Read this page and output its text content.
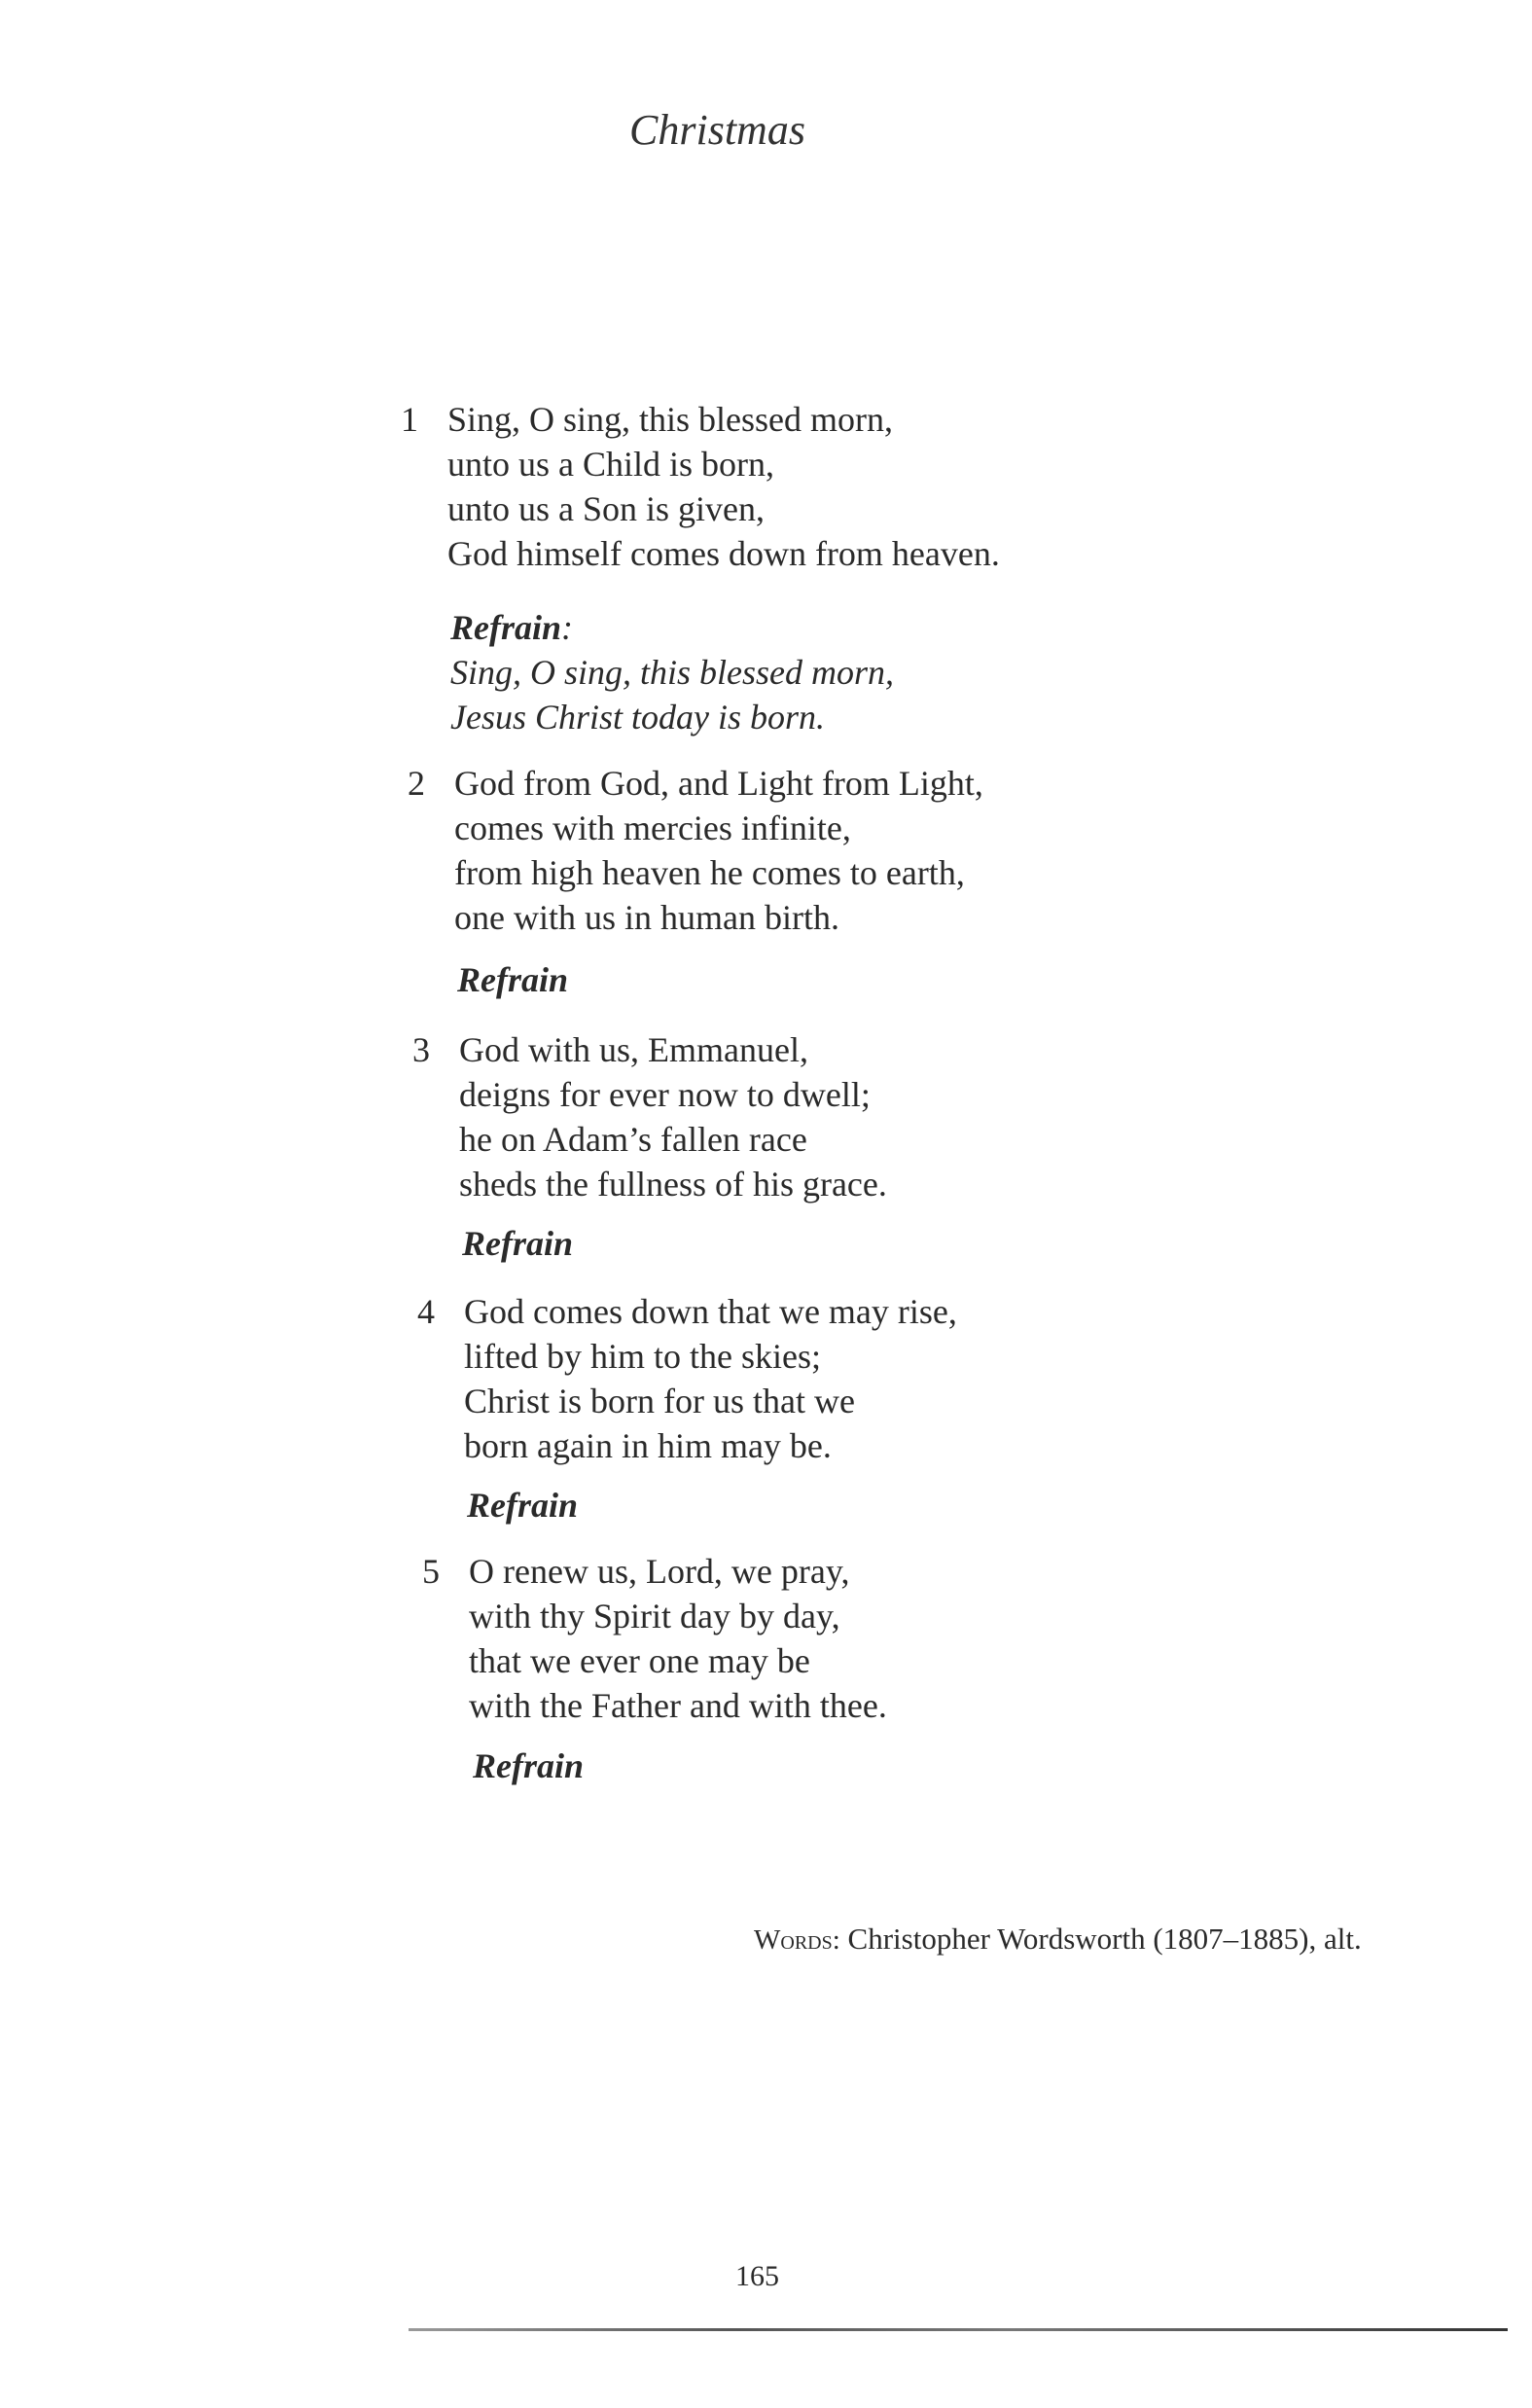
Christmas
1 Sing, O sing, this blessed morn,
unto us a Child is born,
unto us a Son is given,
God himself comes down from heaven.
Refrain:
Sing, O sing, this blessed morn,
Jesus Christ today is born.
2 God from God, and Light from Light,
comes with mercies infinite,
from high heaven he comes to earth,
one with us in human birth.
Refrain
3 God with us, Emmanuel,
deigns for ever now to dwell;
he on Adam’s fallen race
sheds the fullness of his grace.
Refrain
4 God comes down that we may rise,
lifted by him to the skies;
Christ is born for us that we
born again in him may be.
Refrain
5 O renew us, Lord, we pray,
with thy Spirit day by day,
that we ever one may be
with the Father and with thee.
Refrain
Words: Christopher Wordsworth (1807–1885), alt.
165
